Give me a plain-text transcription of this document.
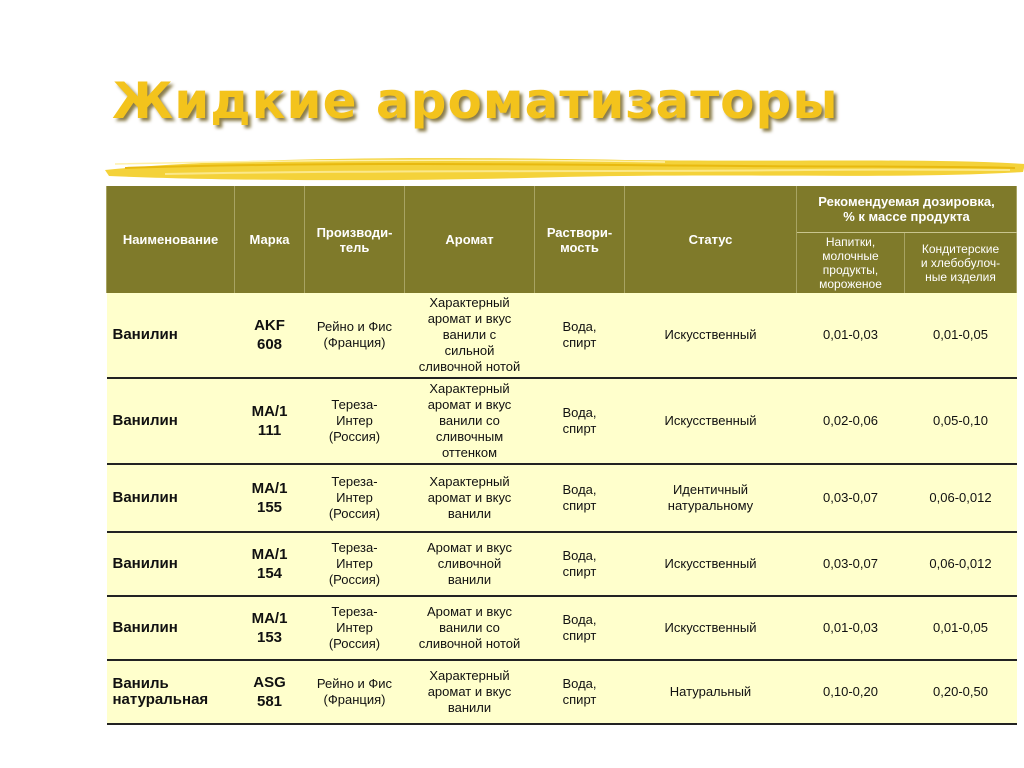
Жидкие ароматизаторы
Наименование	Марка	Производи-
тель	Аромат	Раствори-
мость	Статус	Рекомендуемая дозировка,
% к массе продукта	
						Напитки,
молочные
продукты,
мороженое	Кондитерские
и хлебобулоч-
ные изделия
Ванилин	AKF
608	Рейно и Фис
(Франция)	Характерный
аромат и вкус
ванили с
сильной
сливочной нотой	Вода,
спирт	Искусственный	0,01-0,03	0,01-0,05
Ванилин	МА/1
111	Тереза-
Интер
(Россия)	Характерный
аромат и вкус
ванили со
сливочным
оттенком	Вода,
спирт	Искусственный	0,02-0,06	0,05-0,10
Ванилин	МА/1
155	Тереза-
Интер
(Россия)	Характерный
аромат и вкус
ванили	Вода,
спирт	Идентичный
натуральному	0,03-0,07	0,06-0,012
Ванилин	МА/1
154	Тереза-
Интер
(Россия)	Аромат и вкус
сливочной
ванили	Вода,
спирт	Искусственный	0,03-0,07	0,06-0,012
Ванилин	МА/1
153	Тереза-
Интер
(Россия)	Аромат и вкус
ванили со
сливочной нотой	Вода,
спирт	Искусственный	0,01-0,03	0,01-0,05
Ваниль
натуральная	ASG
581	Рейно и Фис
(Франция)	Характерный
аромат и вкус
ванили	Вода,
спирт	Натуральный	0,10-0,20	0,20-0,50
